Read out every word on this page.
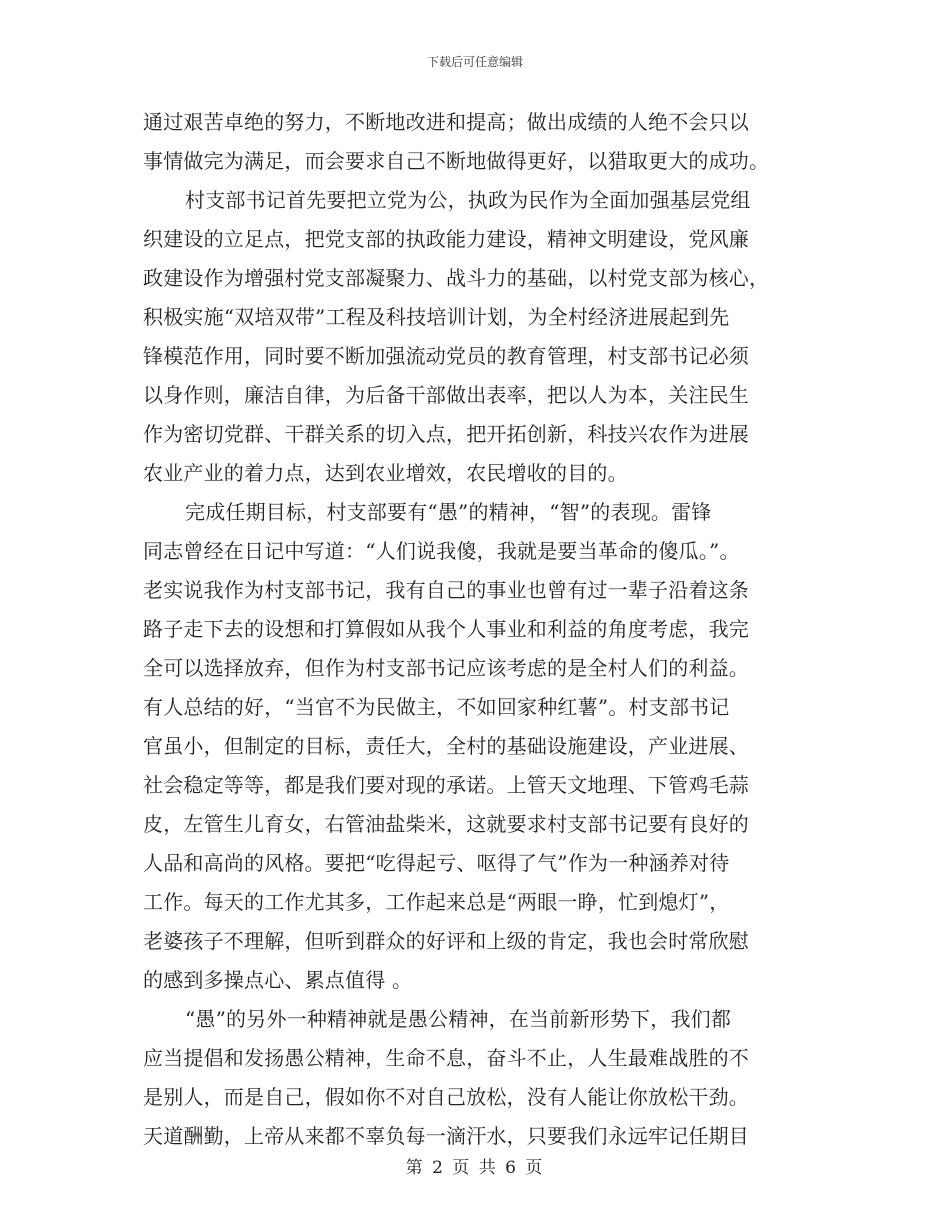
下载后可任意编辑
通过艰苦卓绝的努力，不断地改进和提高；做出成绩的人绝不会只以
事情做完为满足，而会要求自己不断地做得更好，以猎取更大的成功。
村支部书记首先要把立党为公，执政为民作为全面加强基层党组
织建设的立足点，把党支部的执政能力建设，精神文明建设，党风廉
政建设作为增强村党支部凝聚力、战斗力的基础，以村党支部为核心，
积极实施“双培双带”工程及科技培训计划，为全村经济进展起到先
锋模范作用，同时要不断加强流动党员的教育管理，村支部书记必须
以身作则，廉洁自律，为后备干部做出表率，把以人为本，关注民生
作为密切党群、干群关系的切入点，把开拓创新，科技兴农作为进展
农业产业的着力点，达到农业增效，农民增收的目的。
完成任期目标，村支部要有“愚”的精神，“智”的表现。雷锋
同志曾经在日记中写道：“人们说我傻，我就是要当革命的傻瓜。”。
老实说我作为村支部书记，我有自己的事业也曾有过一辈子沿着这条
路子走下去的设想和打算假如从我个人事业和利益的角度考虑，我完
全可以选择放弃，但作为村支部书记应该考虑的是全村人们的利益。
有人总结的好，“当官不为民做主，不如回家种红薯”。村支部书记
官虽小，但制定的目标，责任大，全村的基础设施建设，产业进展、
社会稳定等等，都是我们要对现的承诺。上管天文地理、下管鸡毛蒜
皮，左管生儿育女，右管油盐柴米，这就要求村支部书记要有良好的
人品和高尚的风格。要把“吃得起亏、呕得了气”作为一种涵养对待
工作。每天的工作尤其多，工作起来总是“两眼一睁，忙到熄灯”，
老婆孩子不理解，但听到群众的好评和上级的肯定，我也会时常欣慰
的感到多操点心、累点值得 。
“愚”的另外一种精神就是愚公精神，在当前新形势下，我们都
应当提倡和发扬愚公精神，生命不息，奋斗不止，人生最难战胜的不
是别人，而是自己，假如你不对自己放松，没有人能让你放松干劲。
天道酬勤，上帝从来都不辜负每一滴汗水，只要我们永远牢记任期目
第 2 页 共 6 页
